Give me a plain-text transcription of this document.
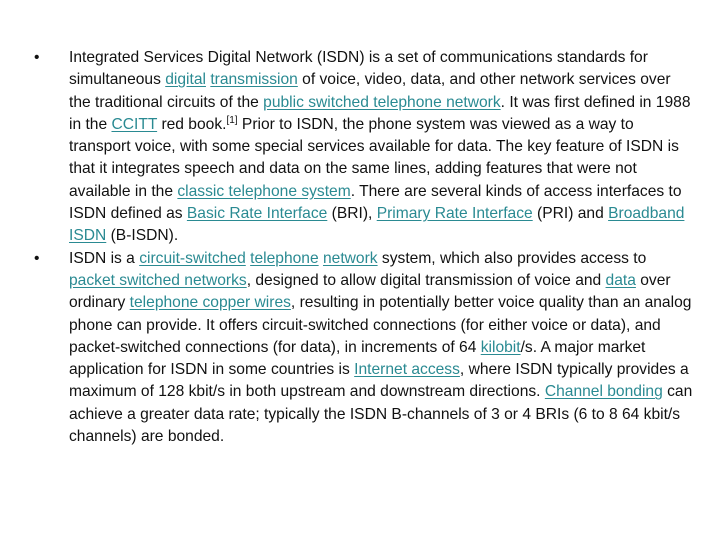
•	Integrated Services Digital Network (ISDN) is a set of communications standards for simultaneous digital transmission of voice, video, data, and other network services over the traditional circuits of the public switched telephone network. It was first defined in 1988 in the CCITT red book.[1] Prior to ISDN, the phone system was viewed as a way to transport voice, with some special services available for data. The key feature of ISDN is that it integrates speech and data on the same lines, adding features that were not available in the classic telephone system. There are several kinds of access interfaces to ISDN defined as Basic Rate Interface (BRI), Primary Rate Interface (PRI) and Broadband ISDN (B-ISDN).
•	ISDN is a circuit-switched telephone network system, which also provides access to packet switched networks, designed to allow digital transmission of voice and data over ordinary telephone copper wires, resulting in potentially better voice quality than an analog phone can provide. It offers circuit-switched connections (for either voice or data), and packet-switched connections (for data), in increments of 64 kilobit/s. A major market application for ISDN in some countries is Internet access, where ISDN typically provides a maximum of 128 kbit/s in both upstream and downstream directions. Channel bonding can achieve a greater data rate; typically the ISDN B-channels of 3 or 4 BRIs (6 to 8 64 kbit/s channels) are bonded.
